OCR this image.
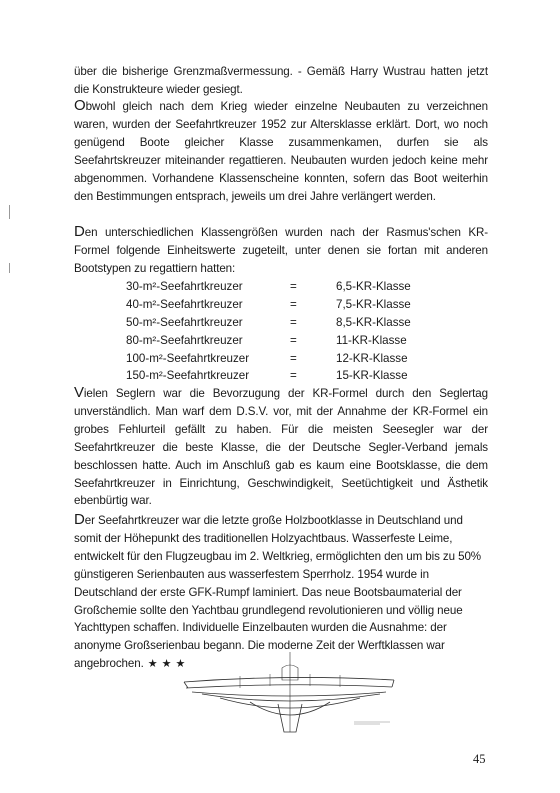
über die bisherige Grenzmaßvermessung. - Gemäß Harry Wustrau hatten jetzt die Konstrukteure wieder gesiegt.

Obwohl gleich nach dem Krieg wieder einzelne Neubauten zu verzeichnen waren, wurden der Seefahrtkreuzer 1952 zur Altersklasse erklärt. Dort, wo noch genügend Boote gleicher Klasse zusammenkamen, durfen sie als Seefahrtskreuzer miteinander regattieren. Neubauten wurden jedoch keine mehr abgenommen. Vorhandene Klassenscheine konnten, sofern das Boot weiterhin den Bestimmungen entsprach, jeweils um drei Jahre verlängert werden.

Den unterschiedlichen Klassengrößen wurden nach der Rasmus'schen KR-Formel folgende Einheitswerte zugeteilt, unter denen sie fortan mit anderen Bootstypen zu regattiern hatten:

30-m²-Seefahrtkreuzer	=	6,5-KR-Klasse
40-m²-Seefahrtkreuzer	=	7,5-KR-Klasse
50-m²-Seefahrtkreuzer	=	8,5-KR-Klasse
80-m²-Seefahrtkreuzer	=	11-KR-Klasse
100-m²-Seefahrtkreuzer	=	12-KR-Klasse
150-m²-Seefahrtkreuzer	=	15-KR-Klasse

Vielen Seglern war die Bevorzugung der KR-Formel durch den Seglertag unverständlich. Man warf dem D.S.V. vor, mit der Annahme der KR-Formel ein grobes Fehlurteil gefällt zu haben. Für die meisten Seesegler war der Seefahrtkreuzer die beste Klasse, die der Deutsche Segler-Verband jemals beschlossen hatte. Auch im Anschluß gab es kaum eine Bootsklasse, die dem Seefahrtkreuzer in Einrichtung, Geschwindigkeit, Seetüchtigkeit und Ästhetik ebenbürtig war.

Der Seefahrtkreuzer war die letzte große Holzbootklasse in Deutschland und somit der Höhepunkt des traditionellen Holzyachtbaus. Wasserfeste Leime, entwickelt für den Flugzeugbau im 2. Weltkrieg, ermöglichten den um bis zu 50% günstigeren Serienbauten aus wasserfestem Sperrholz. 1954 wurde in Deutschland der erste GFK-Rumpf laminiert. Das neue Bootsbaumaterial der Großchemie sollte den Yachtbau grundlegend revolutionieren und völlig neue Yachttypen schaffen. Individuelle Einzelbauten wurden die Ausnahme: der anonyme Großserienbau begann. Die moderne Zeit der Werftklassen war angebrochen. ★★★

45
